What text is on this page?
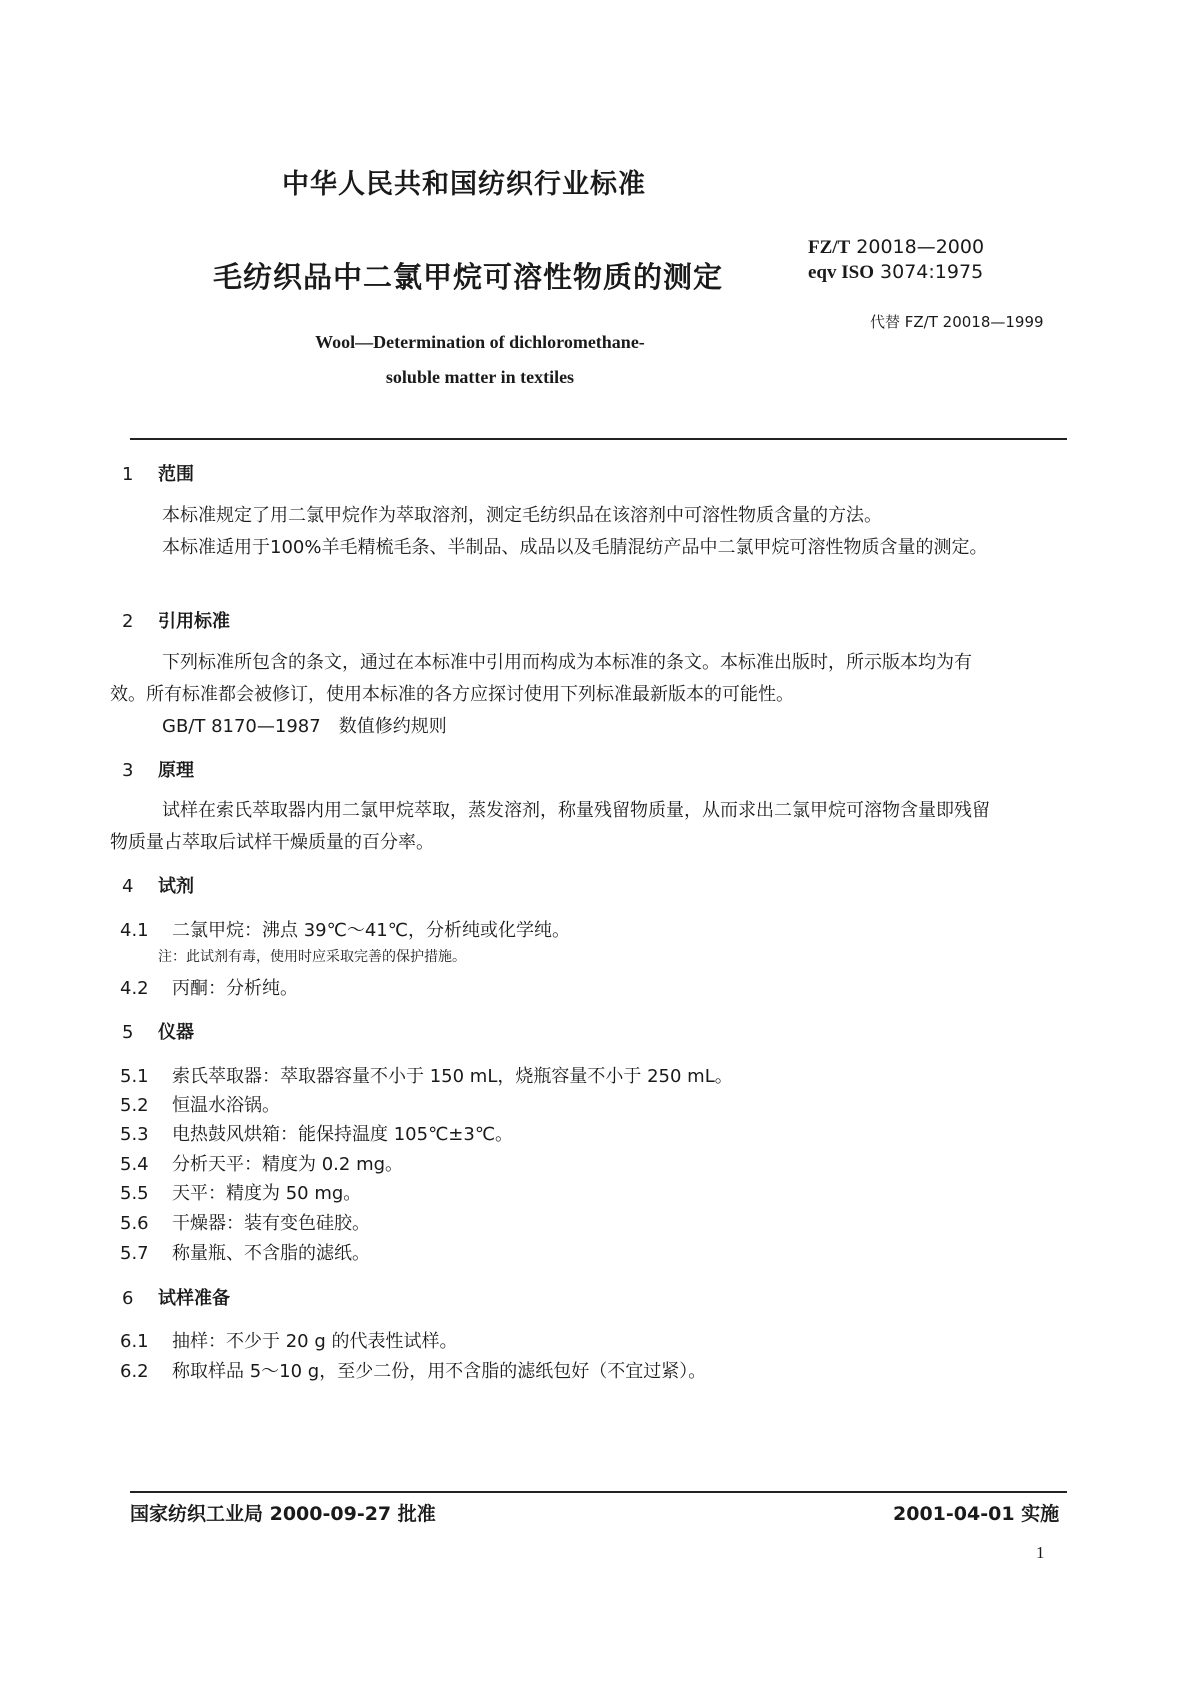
中华人民共和国纺织行业标准
毛纺织品中二氯甲烷可溶性物质的测定
FZ/T 20018—2000
eqv ISO 3074:1975
代替 FZ/T 20018—1999
Wool—Determination of dichloromethane-soluble matter in textiles
1 范围
本标准规定了用二氯甲烷作为萃取溶剂，测定毛纺织品在该溶剂中可溶性物质含量的方法。
本标准适用于100%羊毛精梳毛条、半制品、成品以及毛腈混纺产品中二氯甲烷可溶性物质含量的测定。
2 引用标准
下列标准所包含的条文，通过在本标准中引用而构成为本标准的条文。本标准出版时，所示版本均为有效。所有标准都会被修订，使用本标准的各方应探讨使用下列标准最新版本的可能性。
GB/T 8170—1987　数值修约规则
3 原理
试样在索氏萃取器内用二氯甲烷萃取，蒸发溶剂，称量残留物质量，从而求出二氯甲烷可溶物含量即残留物质量占萃取后试样干燥质量的百分率。
4 试剂
4.1 二氯甲烷：沸点 39℃～41℃，分析纯或化学纯。
注：此试剂有毒，使用时应采取完善的保护措施。
4.2 丙酮：分析纯。
5 仪器
5.1 索氏萃取器：萃取器容量不小于 150 mL，烧瓶容量不小于 250 mL。
5.2 恒温水浴锅。
5.3 电热鼓风烘箱：能保持温度 105℃±3℃。
5.4 分析天平：精度为 0.2 mg。
5.5 天平：精度为 50 mg。
5.6 干燥器：装有变色硅胶。
5.7 称量瓶、不含脂的滤纸。
6 试样准备
6.1 抽样：不少于 20 g 的代表性试样。
6.2 称取样品 5～10 g，至少二份，用不含脂的滤纸包好（不宜过紧）。
国家纺织工业局 2000-09-27 批准	2001-04-01 实施
1
